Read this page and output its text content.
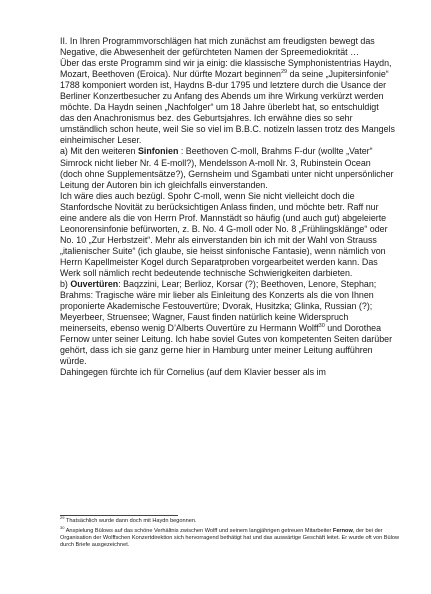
II. In Ihren Programmvorschlägen hat mich zunächst am freudigsten bewegt das Negative, die Abwesenheit der gefürchteten Namen der Spreemediokrität …

Über das erste Programm sind wir ja einig: die klassische Symphonistentrias Haydn, Mozart, Beethoven (Eroica). Nur dürfte Mozart beginnen$^{29}$ da seine „Jupitersinfonie“ 1788 komponiert worden ist, Haydns B-dur 1795 und letztere durch die Usance der Berliner Konzertbesucher zu Anfang des Abends um ihre Wirkung verkürzt werden möchte. Da Haydn seinen „Nachfolger“ um 18 Jahre überlebt hat, so entschuldigt das den Anachronismus bez. des Geburtsjahres. Ich erwähne dies so sehr umständlich schon heute, weil Sie so viel im B.B.C. notizeln lassen trotz des Mangels einheimischer Leser.

a) Mit den weiteren Sinfonien : Beethoven C-moll, Brahms F-dur (wollte „Vater“ Simrock nicht lieber Nr. 4 E-moll?), Mendelsson A-moll Nr. 3, Rubinstein Ocean (doch ohne Supplementsätze?), Gernsheim und Sgambati unter nicht unpersönlicher Leitung der Autoren bin ich gleichfalls einverstanden.

Ich wäre dies auch bezügl. Spohr C-moll, wenn Sie nicht vielleicht doch die Stanfordsche Novität zu berücksichtigen Anlass finden, und möchte betr. Raff nur eine andere als die von Herrn Prof. Mannstädt so häufig (und auch gut) abgeleierte Leonorensinfonie befürworten, z. B. No. 4 G-moll oder No. 8 „Frühlingsklänge“ oder No. 10 „Zur Herbstzeit“. Mehr als einverstanden bin ich mit der Wahl von Strauss „italienischer Suite“ (ich glaube, sie heisst sinfonische Fantasie), wenn nämlich von Herrn Kapellmeister Kogel durch Separatproben vorgearbeitet werden kann. Das Werk soll nämlich recht bedeutende technische Schwierigkeiten darbieten.

b) Ouvertüren: Baqzzini, Lear; Berlioz, Korsar (?); Beethoven, Lenore, Stephan; Brahms: Tragische wäre mir lieber als Einleitung des Konzerts als die von Ihnen proponierte Akademische Festouvertüre; Dvorak, Husitzka; Glinka, Russian (?); Meyerbeer, Struensee; Wagner, Faust finden natürlich keine Widerspruch meinerseits, ebenso wenig D’Alberts Ouvertüre zu Hermann Wolff$^{30}$ und Dorothea Fernow unter seiner Leitung. Ich habe soviel Gutes von kompetenten Seiten darüber gehört, dass ich sie ganz gerne hier in Hamburg unter meiner Leitung aufführen würde.

Dahingegen fürchte ich für Cornelius (auf dem Klavier besser als im

$^{29}$ Thatsächlich wurde dann doch mit Haydn begonnen.

$^{30}$ Anspielung Bülows auf das schöne Verhältnis zwischen Wolff und seinem langjährigen getreuen Mitarbeiter Fernow, der bei der Organisation der Wolffschen Konzertdirektion sich hervorragend bethätigt hat und das auswärtige Geschäft leitet. Er wurde oft von Bülow durch Briefe ausgezeichnet.
